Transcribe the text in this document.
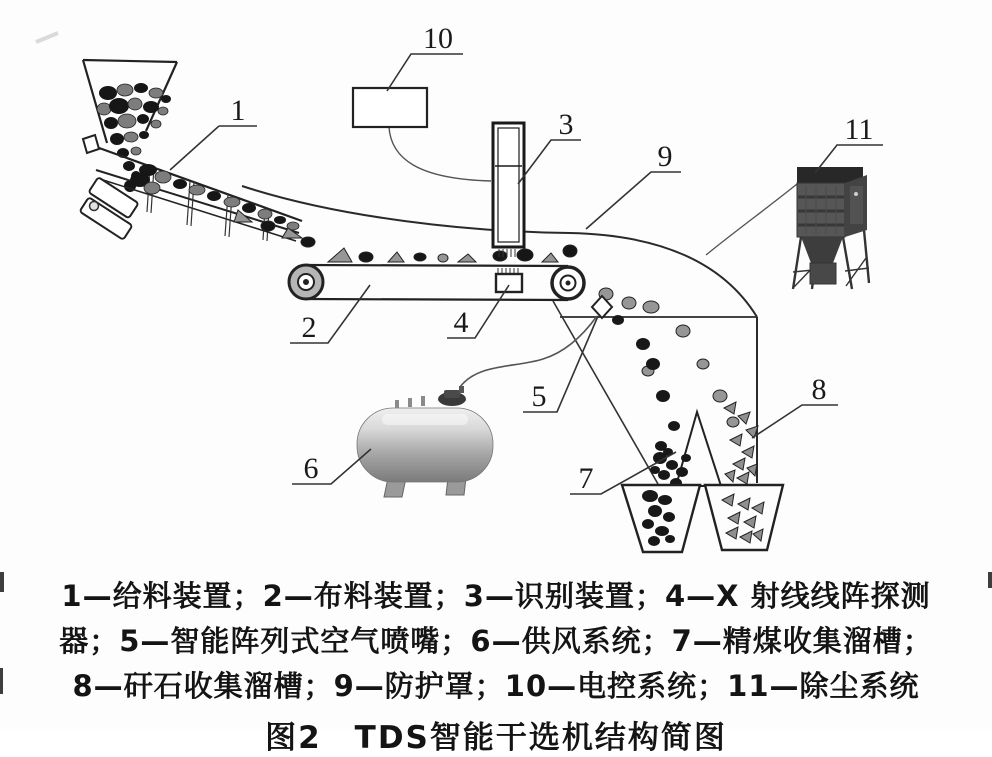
1
2
3
4
5
6	7
8
9
10
11
1—给料装置；2—布料装置；3—识别装置；4—X 射线线阵探测
器；5—智能阵列式空气喷嘴；6—供风系统；7—精煤收集溜槽；
8—矸石收集溜槽；9—防护罩；10—电控系统；11—除尘系统
图2　TDS智能干选机结构简图
